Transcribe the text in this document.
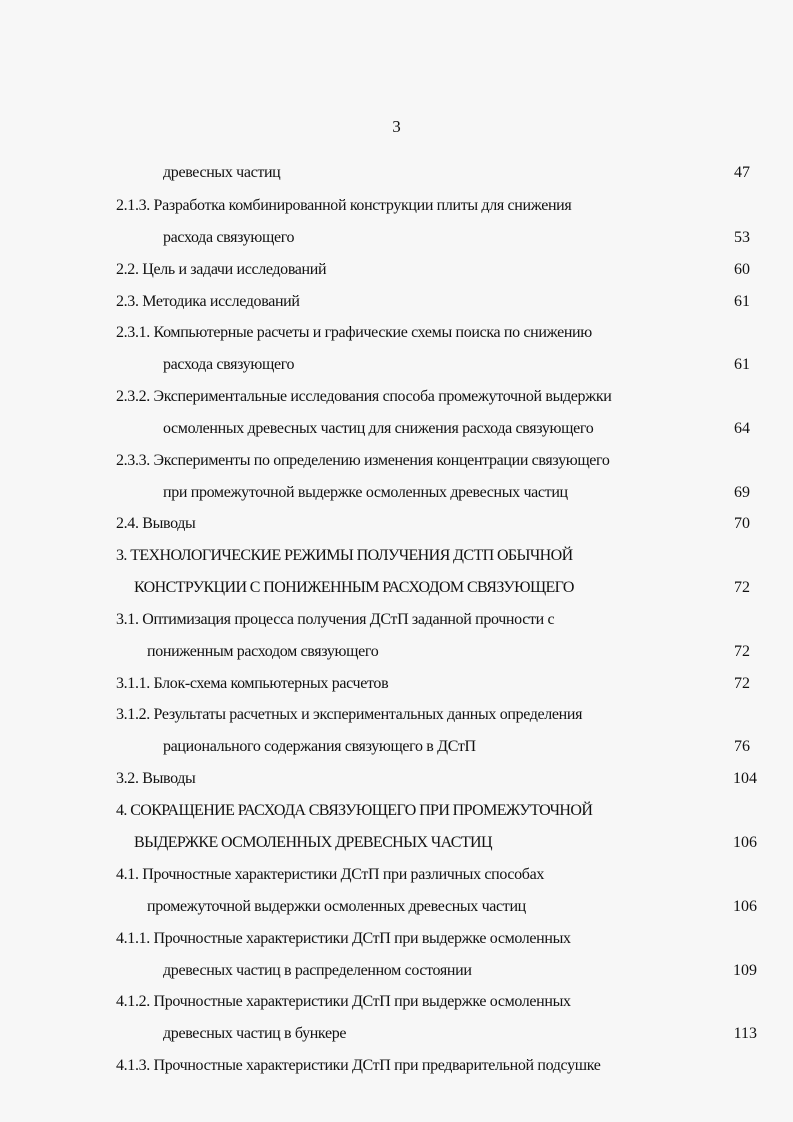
3
древесных частиц	47
2.1.3. Разработка комбинированной конструкции плиты для снижения
расхода связующего	53
2.2. Цель и задачи исследований	60
2.3. Методика исследований	61
2.3.1. Компьютерные расчеты и графические схемы поиска по снижению
расхода связующего	61
2.3.2. Экспериментальные исследования способа промежуточной выдержки
осмоленных древесных частиц для снижения расхода связующего	64
2.3.3. Эксперименты по определению изменения концентрации связующего
при промежуточной выдержке осмоленных древесных частиц	69
2.4. Выводы	70
3. ТЕХНОЛОГИЧЕСКИЕ РЕЖИМЫ ПОЛУЧЕНИЯ ДСТП ОБЫЧНОЙ
КОНСТРУКЦИИ С ПОНИЖЕННЫМ РАСХОДОМ СВЯЗУЮЩЕГО	72
3.1. Оптимизация процесса получения ДСтП заданной прочности с
пониженным расходом связующего	72
3.1.1. Блок-схема компьютерных расчетов	72
3.1.2. Результаты расчетных и экспериментальных данных определения
рационального содержания связующего в ДСтП	76
3.2. Выводы	104
4. СОКРАЩЕНИЕ РАСХОДА СВЯЗУЮЩЕГО ПРИ ПРОМЕЖУТОЧНОЙ
ВЫДЕРЖКЕ ОСМОЛЕННЫХ ДРЕВЕСНЫХ ЧАСТИЦ	106
4.1. Прочностные характеристики ДСтП при различных способах
промежуточной выдержки осмоленных древесных частиц	106
4.1.1. Прочностные характеристики ДСтП при выдержке осмоленных
древесных частиц в распределенном состоянии	109
4.1.2. Прочностные характеристики ДСтП при выдержке осмоленных
древесных частиц в бункере	113
4.1.3. Прочностные характеристики ДСтП при предварительной подсушке
